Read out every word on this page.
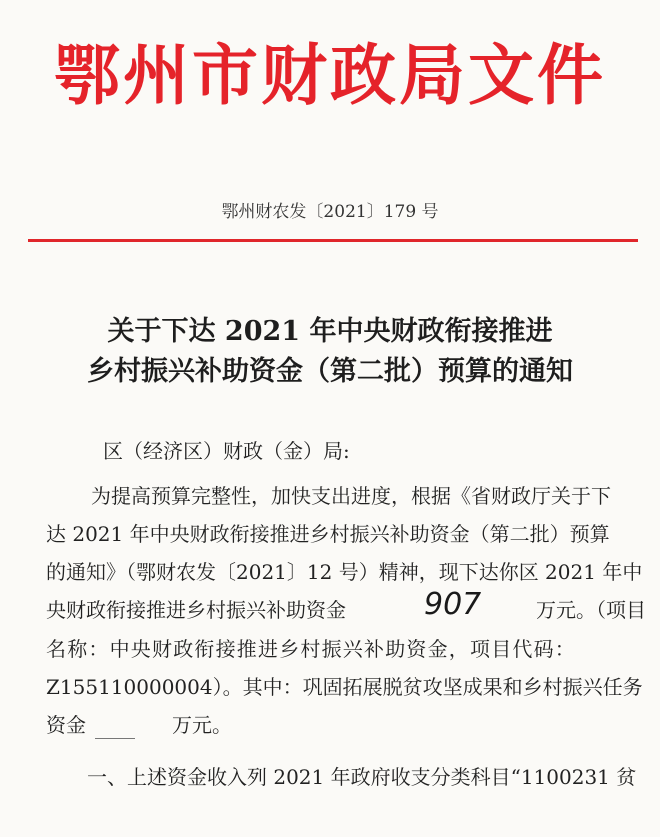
鄂州市财政局文件
鄂州财农发〔2021〕179 号
关于下达 2021 年中央财政衔接推进
乡村振兴补助资金（第二批）预算的通知
区（经济区）财政（金）局:
为提高预算完整性，加快支出进度，根据《省财政厅关于下
达 2021 年中央财政衔接推进乡村振兴补助资金（第二批）预算
的通知》（鄂财农发〔2021〕12 号）精神，现下达你区 2021 年中
央财政衔接推进乡村振兴补助资金	907	万元。（项目
名称：中央财政衔接推进乡村振兴补助资金，项目代码：
Z155110000004）。其中：巩固拓展脱贫攻坚成果和乡村振兴任务
资金	万元。
一、上述资金收入列 2021 年政府收支分类科目“1100231 贫
